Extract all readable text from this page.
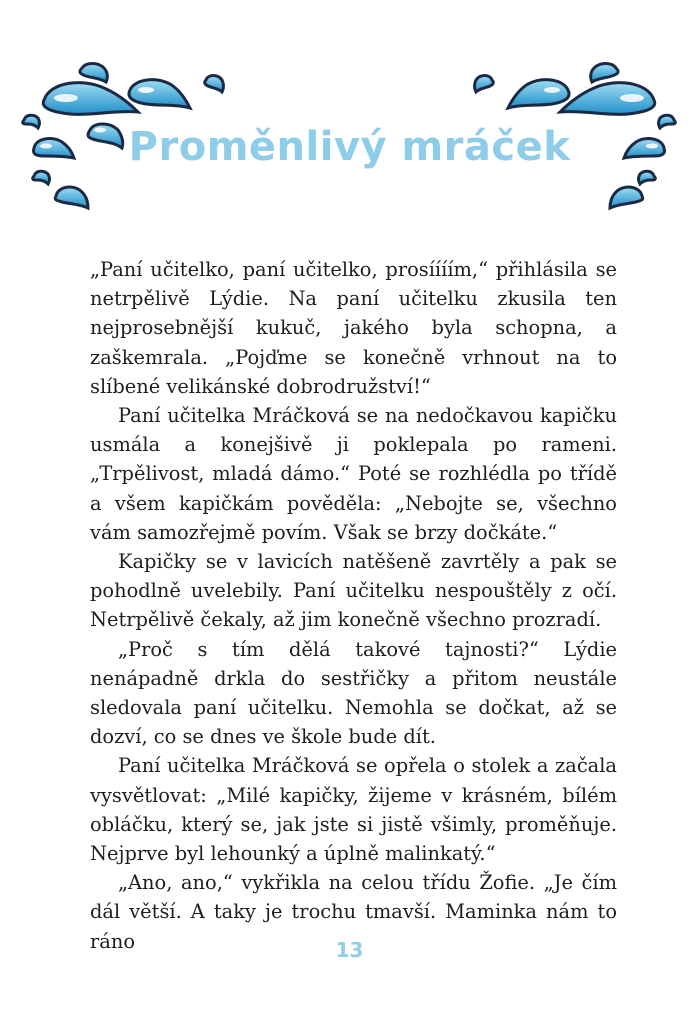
Proměnlivý mráček

„Paní učitelko, paní učitelko, prosíííím,“ přihlásila se netrpělivě Lýdie. Na paní učitelku zkusila ten nejprosebnější kukuč, jakého byla schopna, a zaškemrala. „Pojďme se konečně vrhnout na to slíbené velikánské dobrodružství!“

Paní učitelka Mráčková se na nedočkavou kapičku usmála a konejšivě ji poklepala po rameni. „Trpělivost, mladá dámo.“ Poté se rozhlédla po třídě a všem kapičkám pověděla: „Nebojte se, všechno vám samozřejmě povím. Však se brzy dočkáte.“

Kapičky se v lavicích natěšeně zavrtěly a pak se pohodlně uvelebily. Paní učitelku nespouštěly z očí. Netrpělivě čekaly, až jim konečně všechno prozradí.

„Proč s tím dělá takové tajnosti?“ Lýdie nenápadně drkla do sestřičky a přitom neustále sledovala paní učitelku. Nemohla se dočkat, až se dozví, co se dnes ve škole bude dít.

Paní učitelka Mráčková se opřela o stolek a začala vysvětlovat: „Milé kapičky, žijeme v krásném, bílém obláčku, který se, jak jste si jistě všimly, proměňuje. Nejprve byl lehounký a úplně malinkatý.“

„Ano, ano,“ vykřikla na celou třídu Žofie. „Je čím dál větší. A taky je trochu tmavší. Maminka nám to ráno	13
